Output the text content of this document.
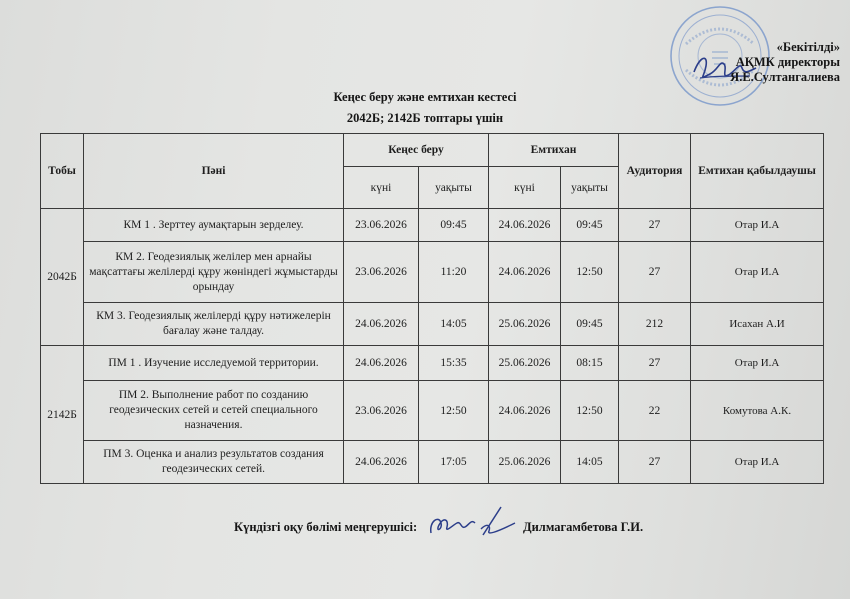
«Бекітілді»
АҚМК директоры
Я.Е.Султангалиева
Кеңес беру және емтихан кестесі
2042Б; 2142Б топтары үшін
Тобы	Пәні	Кеңес беру		Емтихан		Аудитория	Емтихан қабылдаушы
		күні	уақыты	күні	уақыты		
2042Б	КМ 1 . Зерттеу аумақтарын зерделеу.	23.06.2026	09:45	24.06.2026	09:45	27	Отар И.А
	КМ 2. Геодезиялық желілер мен арнайы мақсаттағы желілерді құру жөніндегі жұмыстарды орындау	23.06.2026	11:20	24.06.2026	12:50	27	Отар И.А
	КМ 3. Геодезиялық желілерді құру нәтижелерін бағалау және талдау.	24.06.2026	14:05	25.06.2026	09:45	212	Исахан А.И
2142Б	ПМ 1 . Изучение исследуемой территории.	24.06.2026	15:35	25.06.2026	08:15	27	Отар И.А
	ПМ 2. Выполнение работ по созданию геодезических сетей и сетей специального назначения.	23.06.2026	12:50	24.06.2026	12:50	22	Комутова А.К.
	ПМ 3. Оценка и анализ результатов создания геодезических сетей.	24.06.2026	17:05	25.06.2026	14:05	27	Отар И.А
Күндізгі оқу бөлімі меңгерушісі:	Дилмагамбетова Г.И.
